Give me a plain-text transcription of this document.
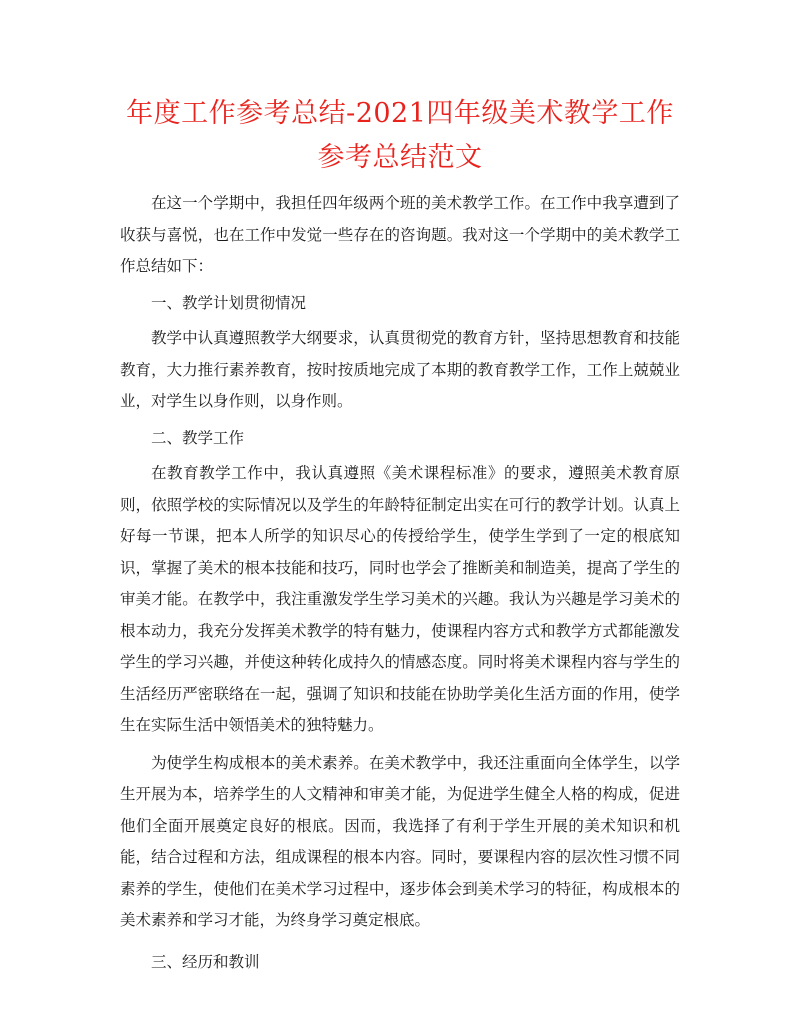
年度工作参考总结-2021四年级美术教学工作参考总结范文

在这一个学期中，我担任四年级两个班的美术教学工作。在工作中我享遭到了收获与喜悦，也在工作中发觉一些存在的咨询题。我对这一个学期中的美术教学工作总结如下：

一、教学计划贯彻情况

教学中认真遵照教学大纲要求，认真贯彻党的教育方针，坚持思想教育和技能教育，大力推行素养教育，按时按质地完成了本期的教育教学工作，工作上兢兢业业，对学生以身作则，以身作则。

二、教学工作

在教育教学工作中，我认真遵照《美术课程标准》的要求，遵照美术教育原则，依照学校的实际情况以及学生的年龄特征制定出实在可行的教学计划。认真上好每一节课，把本人所学的知识尽心的传授给学生，使学生学到了一定的根底知识，掌握了美术的根本技能和技巧，同时也学会了推断美和制造美，提高了学生的审美才能。在教学中，我注重激发学生学习美术的兴趣。我认为兴趣是学习美术的根本动力，我充分发挥美术教学的特有魅力，使课程内容方式和教学方式都能激发学生的学习兴趣，并使这种转化成持久的情感态度。同时将美术课程内容与学生的生活经历严密联络在一起，强调了知识和技能在协助学美化生活方面的作用，使学生在实际生活中领悟美术的独特魅力。

为使学生构成根本的美术素养。在美术教学中，我还注重面向全体学生，以学生开展为本，培养学生的人文精神和审美才能，为促进学生健全人格的构成，促进他们全面开展奠定良好的根底。因而，我选择了有利于学生开展的美术知识和机能，结合过程和方法，组成课程的根本内容。同时，要课程内容的层次性习惯不同素养的学生，使他们在美术学习过程中，逐步体会到美术学习的特征，构成根本的美术素养和学习才能，为终身学习奠定根底。

三、经历和教训
